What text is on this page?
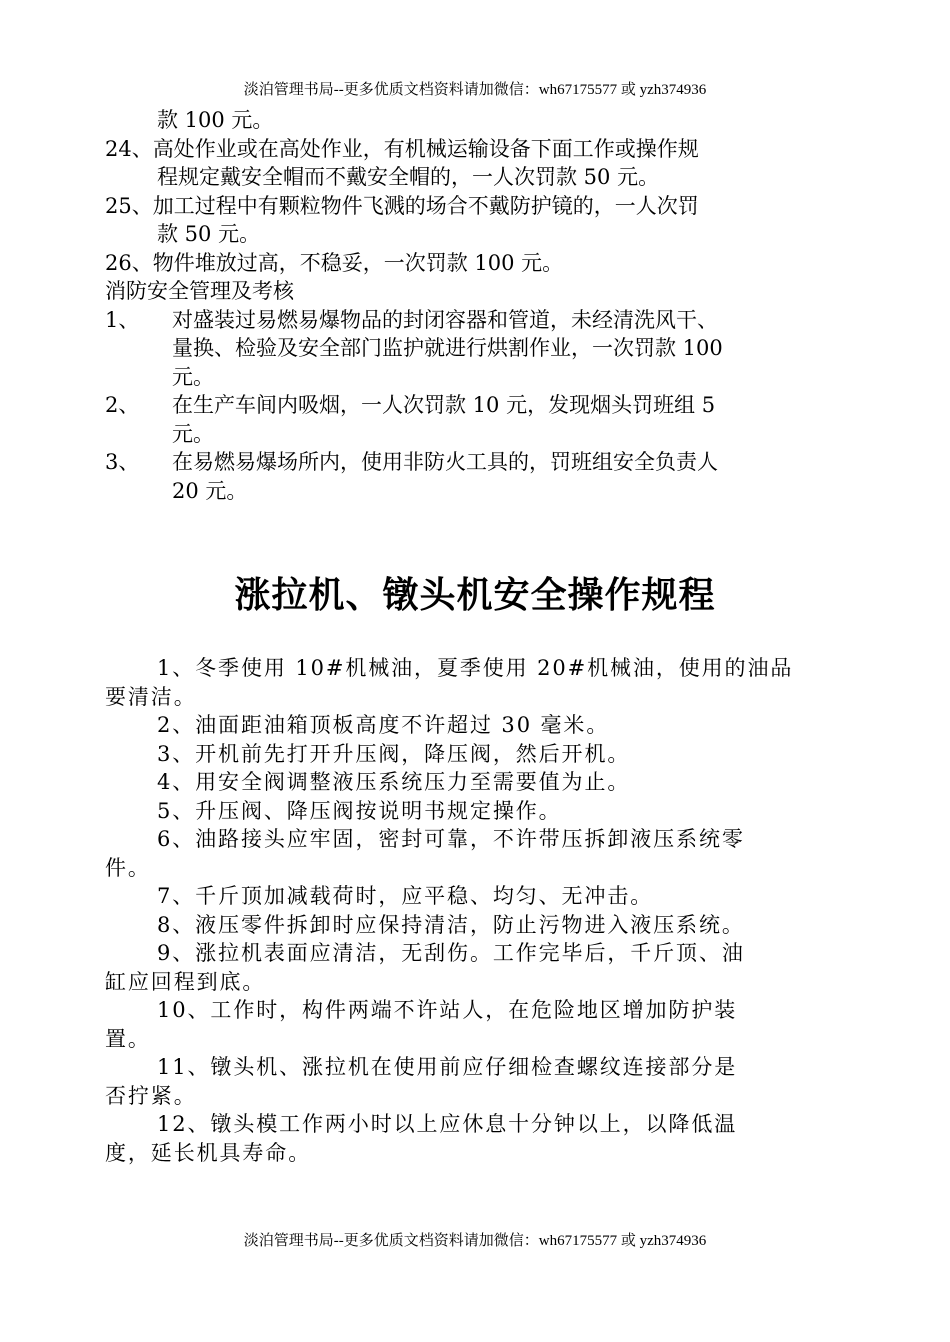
淡泊管理书局--更多优质文档资料请加微信：wh67175577 或 yzh374936
款 100 元。
24、高处作业或在高处作业，有机械运输设备下面工作或操作规
程规定戴安全帽而不戴安全帽的，一人次罚款 50 元。
25、加工过程中有颗粒物件飞溅的场合不戴防护镜的，一人次罚
款 50 元。
26、物件堆放过高，不稳妥，一次罚款 100 元。
消防安全管理及考核
1、 对盛装过易燃易爆物品的封闭容器和管道，未经清洗风干、
量换、检验及安全部门监护就进行烘割作业，一次罚款 100
元。
2、 在生产车间内吸烟，一人次罚款 10 元，发现烟头罚班组 5
元。
3、 在易燃易爆场所内，使用非防火工具的，罚班组安全负责人
20 元。
涨拉机、镦头机安全操作规程
1、冬季使用 10#机械油，夏季使用 20#机械油，使用的油品
要清洁。
2、油面距油箱顶板高度不许超过 30 毫米。
3、开机前先打开升压阀，降压阀，然后开机。
4、用安全阀调整液压系统压力至需要值为止。
5、升压阀、降压阀按说明书规定操作。
6、油路接头应牢固，密封可靠，不许带压拆卸液压系统零
件。
7、千斤顶加减载荷时，应平稳、均匀、无冲击。
8、液压零件拆卸时应保持清洁，防止污物进入液压系统。
9、涨拉机表面应清洁，无刮伤。工作完毕后，千斤顶、油
缸应回程到底。
10、工作时，构件两端不许站人，在危险地区增加防护装
置。
11、镦头机、涨拉机在使用前应仔细检查螺纹连接部分是
否拧紧。
12、镦头模工作两小时以上应休息十分钟以上，以降低温
度，延长机具寿命。
淡泊管理书局--更多优质文档资料请加微信：wh67175577 或 yzh374936
